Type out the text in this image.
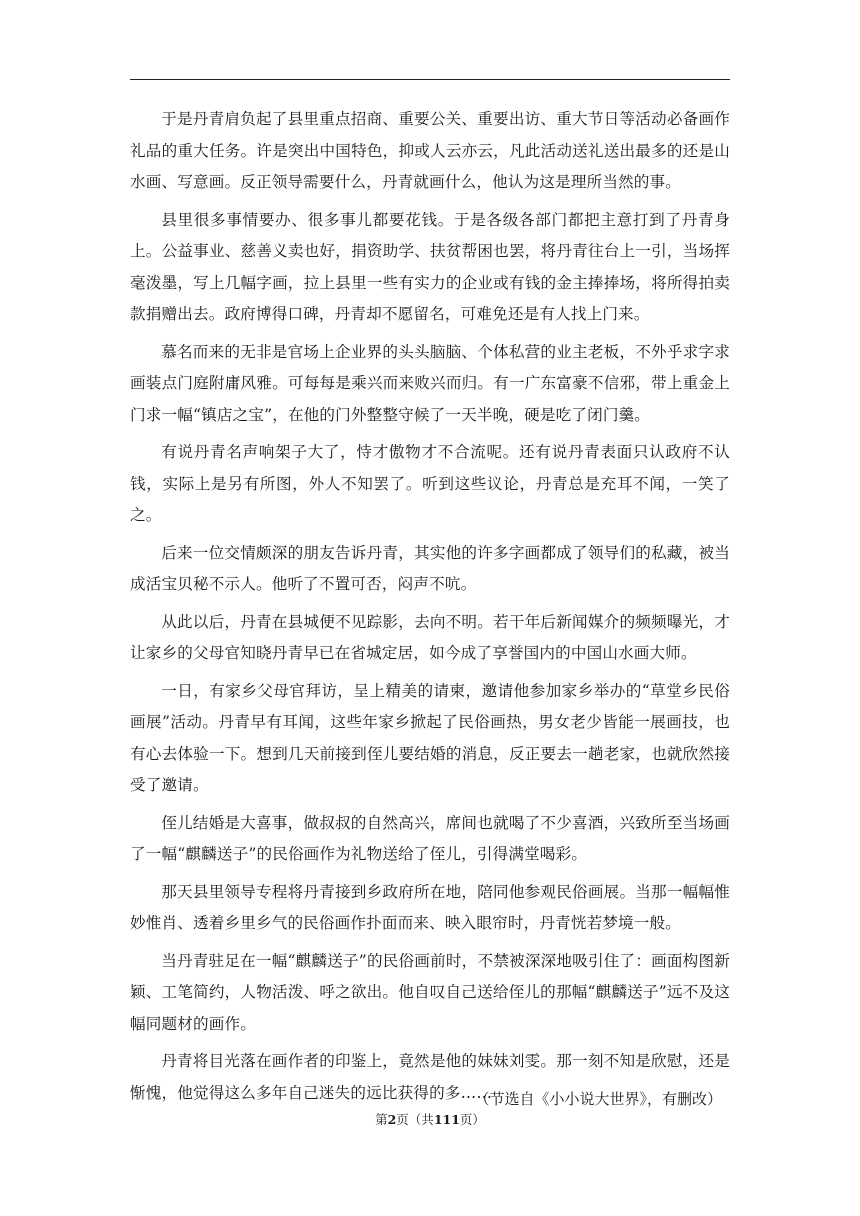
于是丹青肩负起了县里重点招商、重要公关、重要出访、重大节日等活动必备画作礼品的重大任务。许是突出中国特色，抑或人云亦云，凡此活动送礼送出最多的还是山水画、写意画。反正领导需要什么，丹青就画什么，他认为这是理所当然的事。

县里很多事情要办、很多事儿都要花钱。于是各级各部门都把主意打到了丹青身上。公益事业、慈善义卖也好，捐资助学、扶贫帮困也罢，将丹青往台上一引，当场挥毫泼墨，写上几幅字画，拉上县里一些有实力的企业或有钱的金主捧捧场，将所得拍卖款捐赠出去。政府博得口碑，丹青却不愿留名，可难免还是有人找上门来。

慕名而来的无非是官场上企业界的头头脑脑、个体私营的业主老板，不外乎求字求画装点门庭附庸风雅。可每每是乘兴而来败兴而归。有一广东富豪不信邪，带上重金上门求一幅“镇店之宝”，在他的门外整整守候了一天半晚，硬是吃了闭门羹。

有说丹青名声响架子大了，恃才傲物才不合流呢。还有说丹青表面只认政府不认钱，实际上是另有所图，外人不知罢了。听到这些议论，丹青总是充耳不闻，一笑了之。

后来一位交情颇深的朋友告诉丹青，其实他的许多字画都成了领导们的私藏，被当成活宝贝秘不示人。他听了不置可否，闷声不吭。

从此以后，丹青在县城便不见踪影，去向不明。若干年后新闻媒介的频频曝光，才让家乡的父母官知晓丹青早已在省城定居，如今成了享誉国内的中国山水画大师。

一日，有家乡父母官拜访，呈上精美的请柬，邀请他参加家乡举办的“草堂乡民俗画展”活动。丹青早有耳闻，这些年家乡掀起了民俗画热，男女老少皆能一展画技，也有心去体验一下。想到几天前接到侄儿要结婚的消息，反正要去一趟老家，也就欣然接受了邀请。

侄儿结婚是大喜事，做叔叔的自然高兴，席间也就喝了不少喜酒，兴致所至当场画了一幅“麒麟送子”的民俗画作为礼物送给了侄儿，引得满堂喝彩。

那天县里领导专程将丹青接到乡政府所在地，陪同他参观民俗画展。当那一幅幅惟妙惟肖、透着乡里乡气的民俗画作扑面而来、映入眼帘时，丹青恍若梦境一般。

当丹青驻足在一幅“麒麟送子”的民俗画前时，不禁被深深地吸引住了：画面构图新颖、工笔简约，人物活泼、呼之欲出。他自叹自己送给侄儿的那幅“麒麟送子”远不及这幅同题材的画作。

丹青将目光落在画作者的印鉴上，竟然是他的妹妹刘雯。那一刻不知是欣慰，还是惭愧，他觉得这么多年自己迷失的远比获得的多……

（节选自《小小说大世界》，有删改）
第2页（共111页）
